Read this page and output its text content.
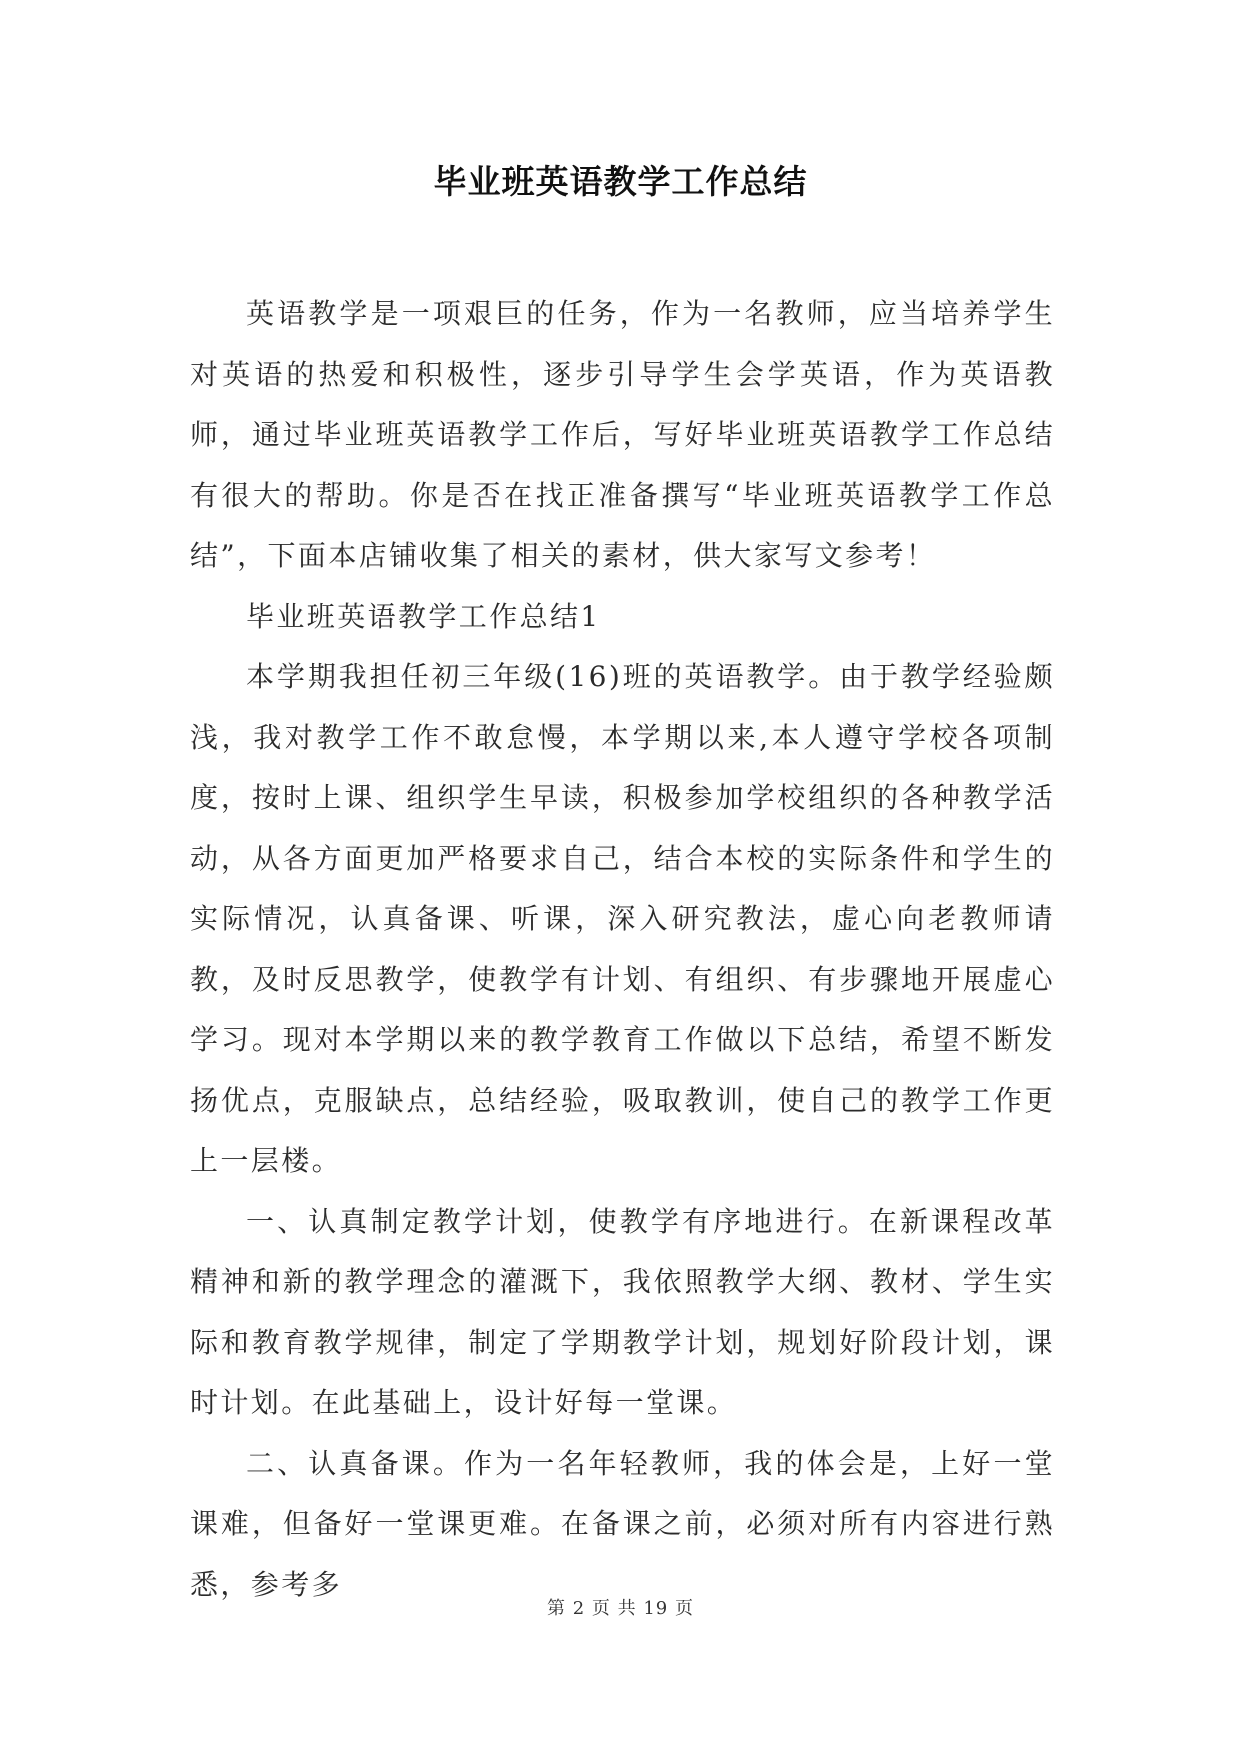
毕业班英语教学工作总结

英语教学是一项艰巨的任务，作为一名教师，应当培养学生对英语的热爱和积极性，逐步引导学生会学英语，作为英语教师，通过毕业班英语教学工作后，写好毕业班英语教学工作总结有很大的帮助。你是否在找正准备撰写“毕业班英语教学工作总结”，下面本店铺收集了相关的素材，供大家写文参考！

毕业班英语教学工作总结1

本学期我担任初三年级(16)班的英语教学。由于教学经验颇浅，我对教学工作不敢怠慢，本学期以来,本人遵守学校各项制度，按时上课、组织学生早读，积极参加学校组织的各种教学活动，从各方面更加严格要求自己，结合本校的实际条件和学生的实际情况，认真备课、听课，深入研究教法，虚心向老教师请教，及时反思教学，使教学有计划、有组织、有步骤地开展虚心学习。现对本学期以来的教学教育工作做以下总结，希望不断发扬优点，克服缺点，总结经验，吸取教训，使自己的教学工作更上一层楼。

一、认真制定教学计划，使教学有序地进行。在新课程改革精神和新的教学理念的灌溉下，我依照教学大纲、教材、学生实际和教育教学规律，制定了学期教学计划，规划好阶段计划，课时计划。在此基础上，设计好每一堂课。

二、认真备课。作为一名年轻教师，我的体会是，上好一堂课难，但备好一堂课更难。在备课之前，必须对所有内容进行熟悉，参考多

第 2 页 共 19 页
